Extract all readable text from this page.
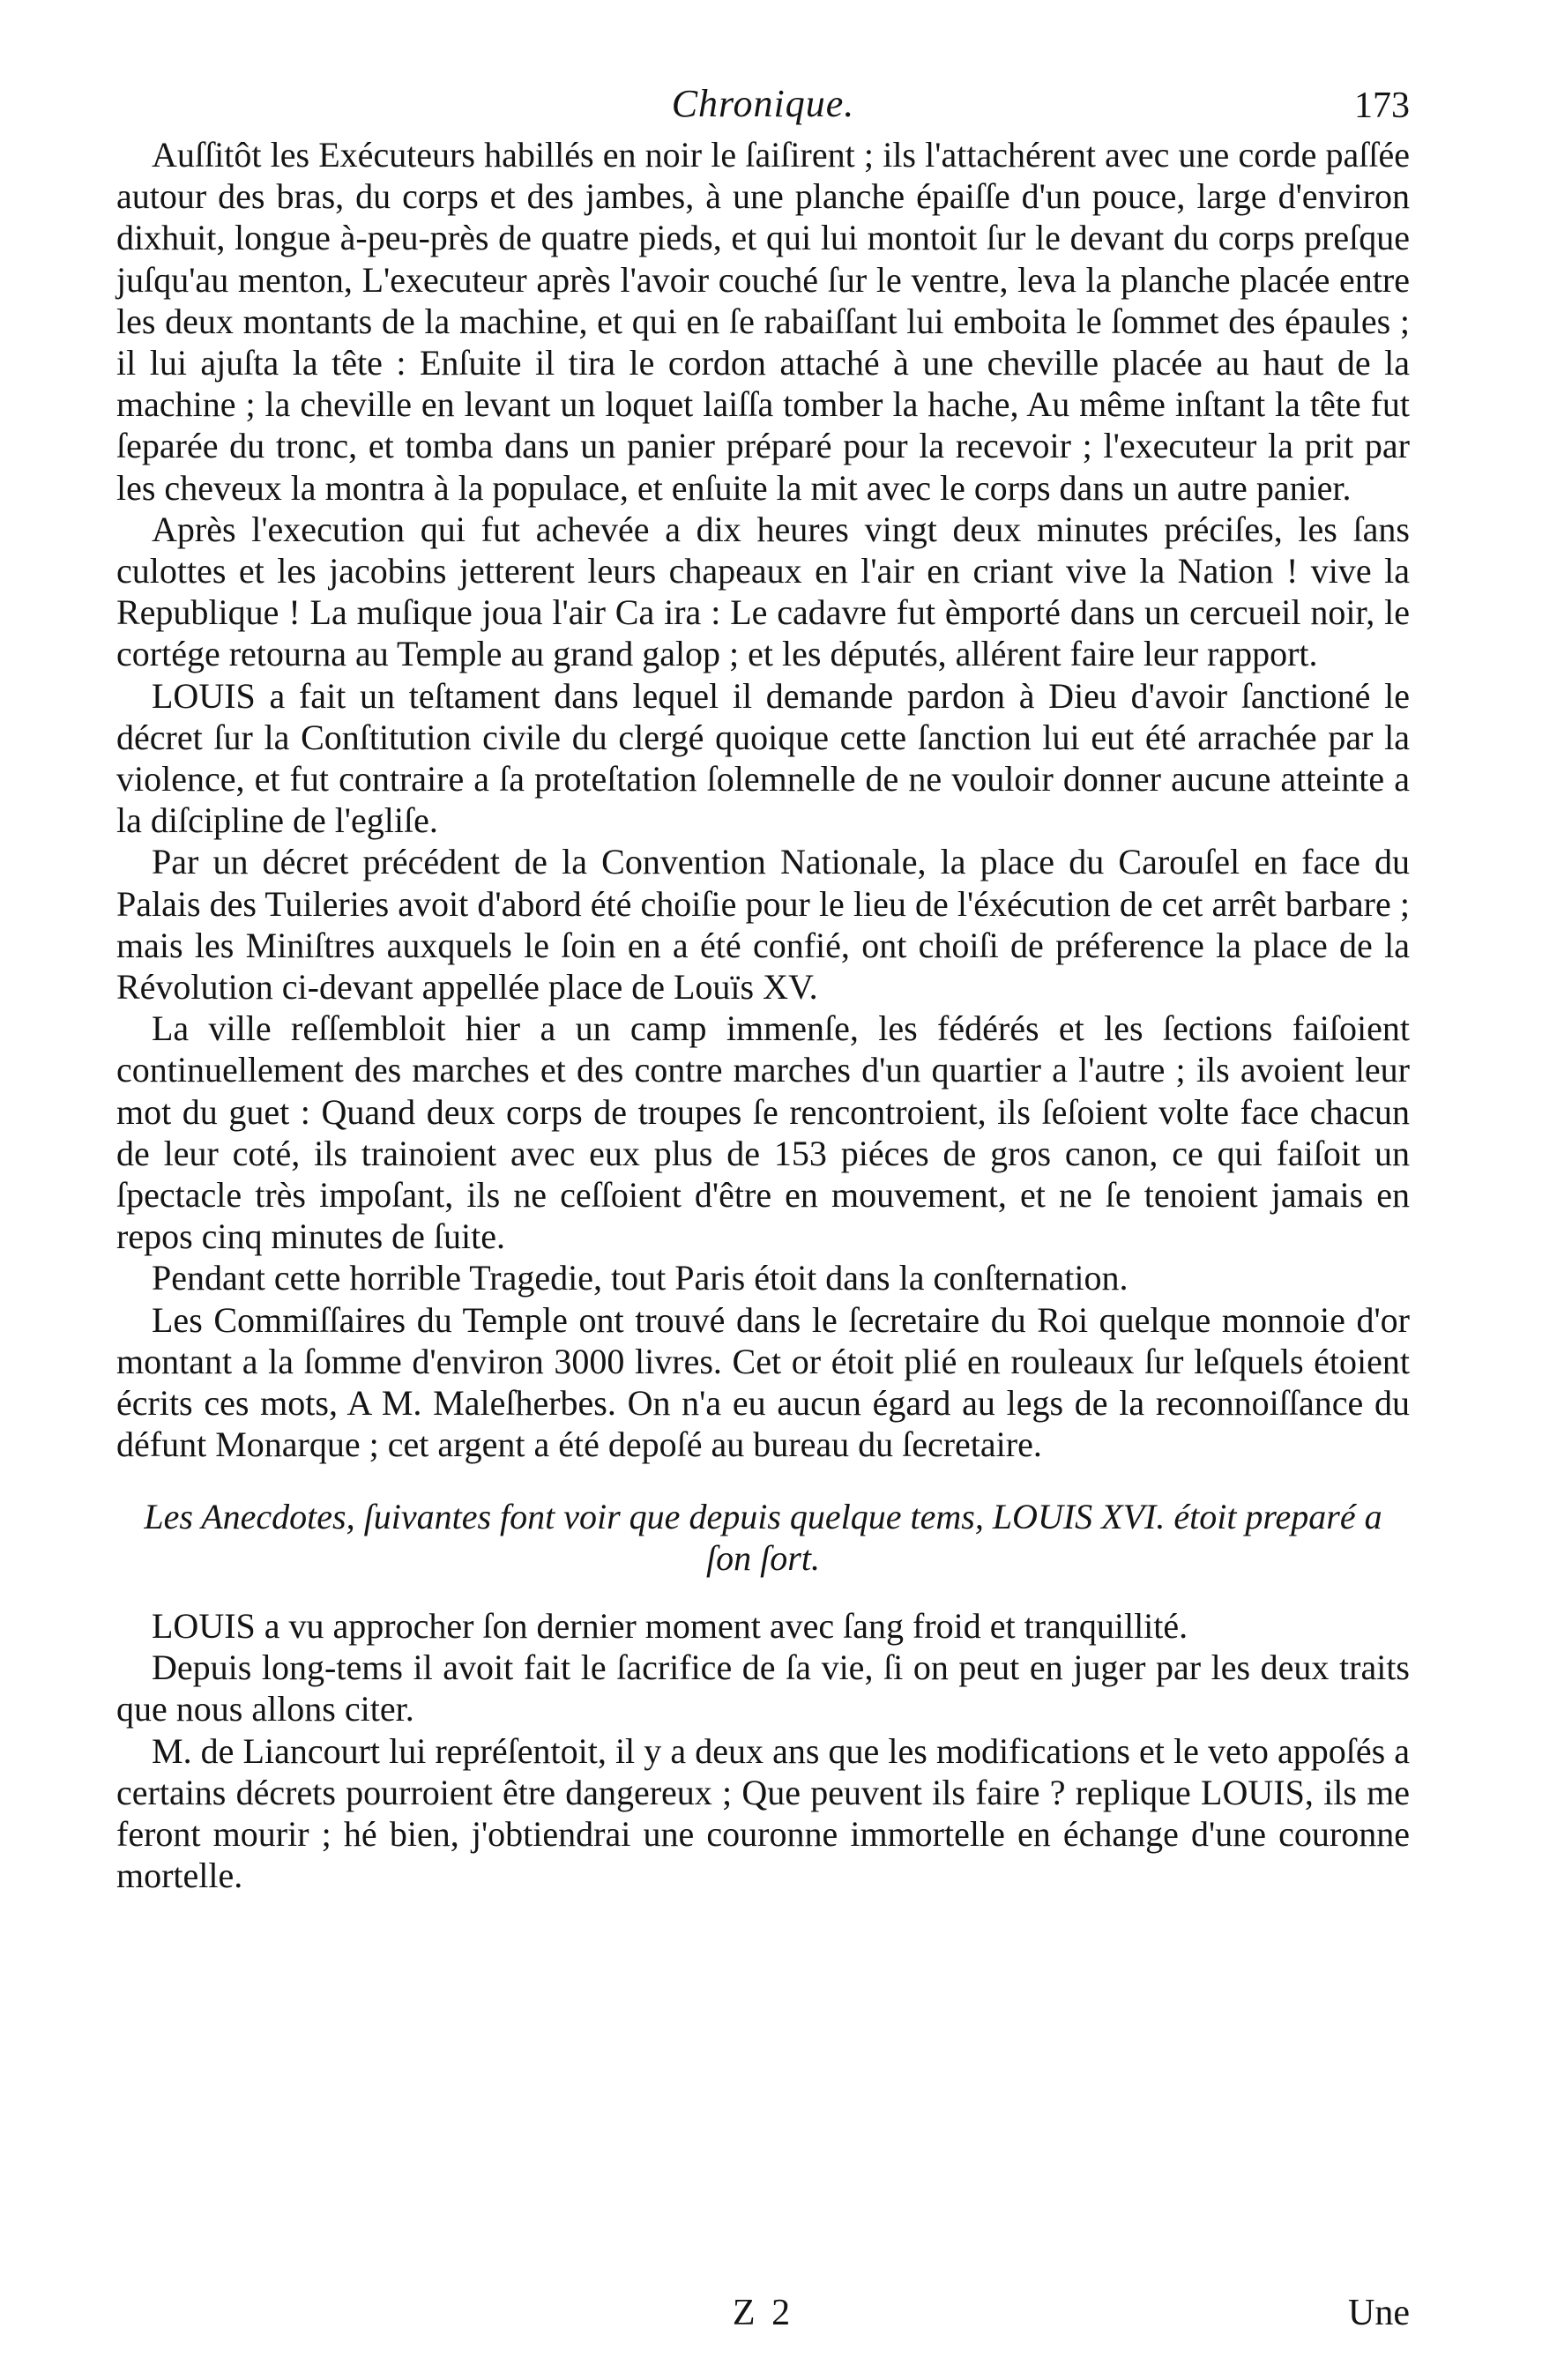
Chronique.	173

Auſſitôt les Exécuteurs habillés en noir le ſaiſirent ; ils l'attachérent avec une corde paſſée autour des bras, du corps et des jambes, à une planche épaiſſe d'un pouce, large d'environ dixhuit, longue à-peu-près de quatre pieds, et qui lui montoit ſur le devant du corps preſque juſqu'au menton, L'executeur après l'avoir couché ſur le ventre, leva la planche placée entre les deux montants de la machine, et qui en ſe rabaiſſant lui emboita le ſommet des épaules ; il lui ajuſta la tête : Enſuite il tira le cordon attaché à une cheville placée au haut de la machine ; la cheville en levant un loquet laiſſa tomber la hache, Au même inſtant la tête fut ſeparée du tronc, et tomba dans un panier préparé pour la recevoir ; l'executeur la prit par les cheveux la montra à la populace, et enſuite la mit avec le corps dans un autre panier.

Après l'execution qui fut achevée a dix heures vingt deux minutes préciſes, les ſans culottes et les jacobins jetterent leurs chapeaux en l'air en criant vive la Nation ! vive la Republique ! La muſique joua l'air Ca ira : Le cadavre fut èmporté dans un cercueil noir, le cortége retourna au Temple au grand galop ; et les députés, allérent faire leur rapport.

LOUIS a fait un teſtament dans lequel il demande pardon à Dieu d'avoir ſanctioné le décret ſur la Conſtitution civile du clergé quoique cette ſanction lui eut été arrachée par la violence, et fut contraire a ſa proteſtation ſolemnelle de ne vouloir donner aucune atteinte a la diſcipline de l'egliſe.

Par un décret précédent de la Convention Nationale, la place du Carouſel en face du Palais des Tuileries avoit d'abord été choiſie pour le lieu de l'éxécution de cet arrêt barbare ; mais les Miniſtres auxquels le ſoin en a été confié, ont choiſi de préference la place de la Révolution ci-devant appellée place de Louïs XV.

La ville reſſembloit hier a un camp immenſe, les fédérés et les ſections faiſoient continuellement des marches et des contre marches d'un quartier a l'autre ; ils avoient leur mot du guet : Quand deux corps de troupes ſe rencontroient, ils ſeſoient volte face chacun de leur coté, ils trainoient avec eux plus de 153 piéces de gros canon, ce qui faiſoit un ſpectacle très impoſant, ils ne ceſſoient d'être en mouvement, et ne ſe tenoient jamais en repos cinq minutes de ſuite.

Pendant cette horrible Tragedie, tout Paris étoit dans la conſternation.

Les Commiſſaires du Temple ont trouvé dans le ſecretaire du Roi quelque monnoie d'or montant a la ſomme d'environ 3000 livres. Cet or étoit plié en rouleaux ſur leſquels étoient écrits ces mots, A M. Maleſherbes. On n'a eu aucun égard au legs de la reconnoiſſance du défunt Monarque ; cet argent a été depoſé au bureau du ſecretaire.

Les Anecdotes, ſuivantes font voir que depuis quelque tems, LOUIS XVI. étoit preparé a ſon ſort.

LOUIS a vu approcher ſon dernier moment avec ſang froid et tranquillité.

Depuis long-tems il avoit fait le ſacrifice de ſa vie, ſi on peut en juger par les deux traits que nous allons citer.

M. de Liancourt lui repréſentoit, il y a deux ans que les modifications et le veto appoſés a certains décrets pourroient être dangereux ; Que peuvent ils faire ? replique LOUIS, ils me feront mourir ; hé bien, j'obtiendrai une couronne immortelle en échange d'une couronne mortelle.

Z 2	Une
